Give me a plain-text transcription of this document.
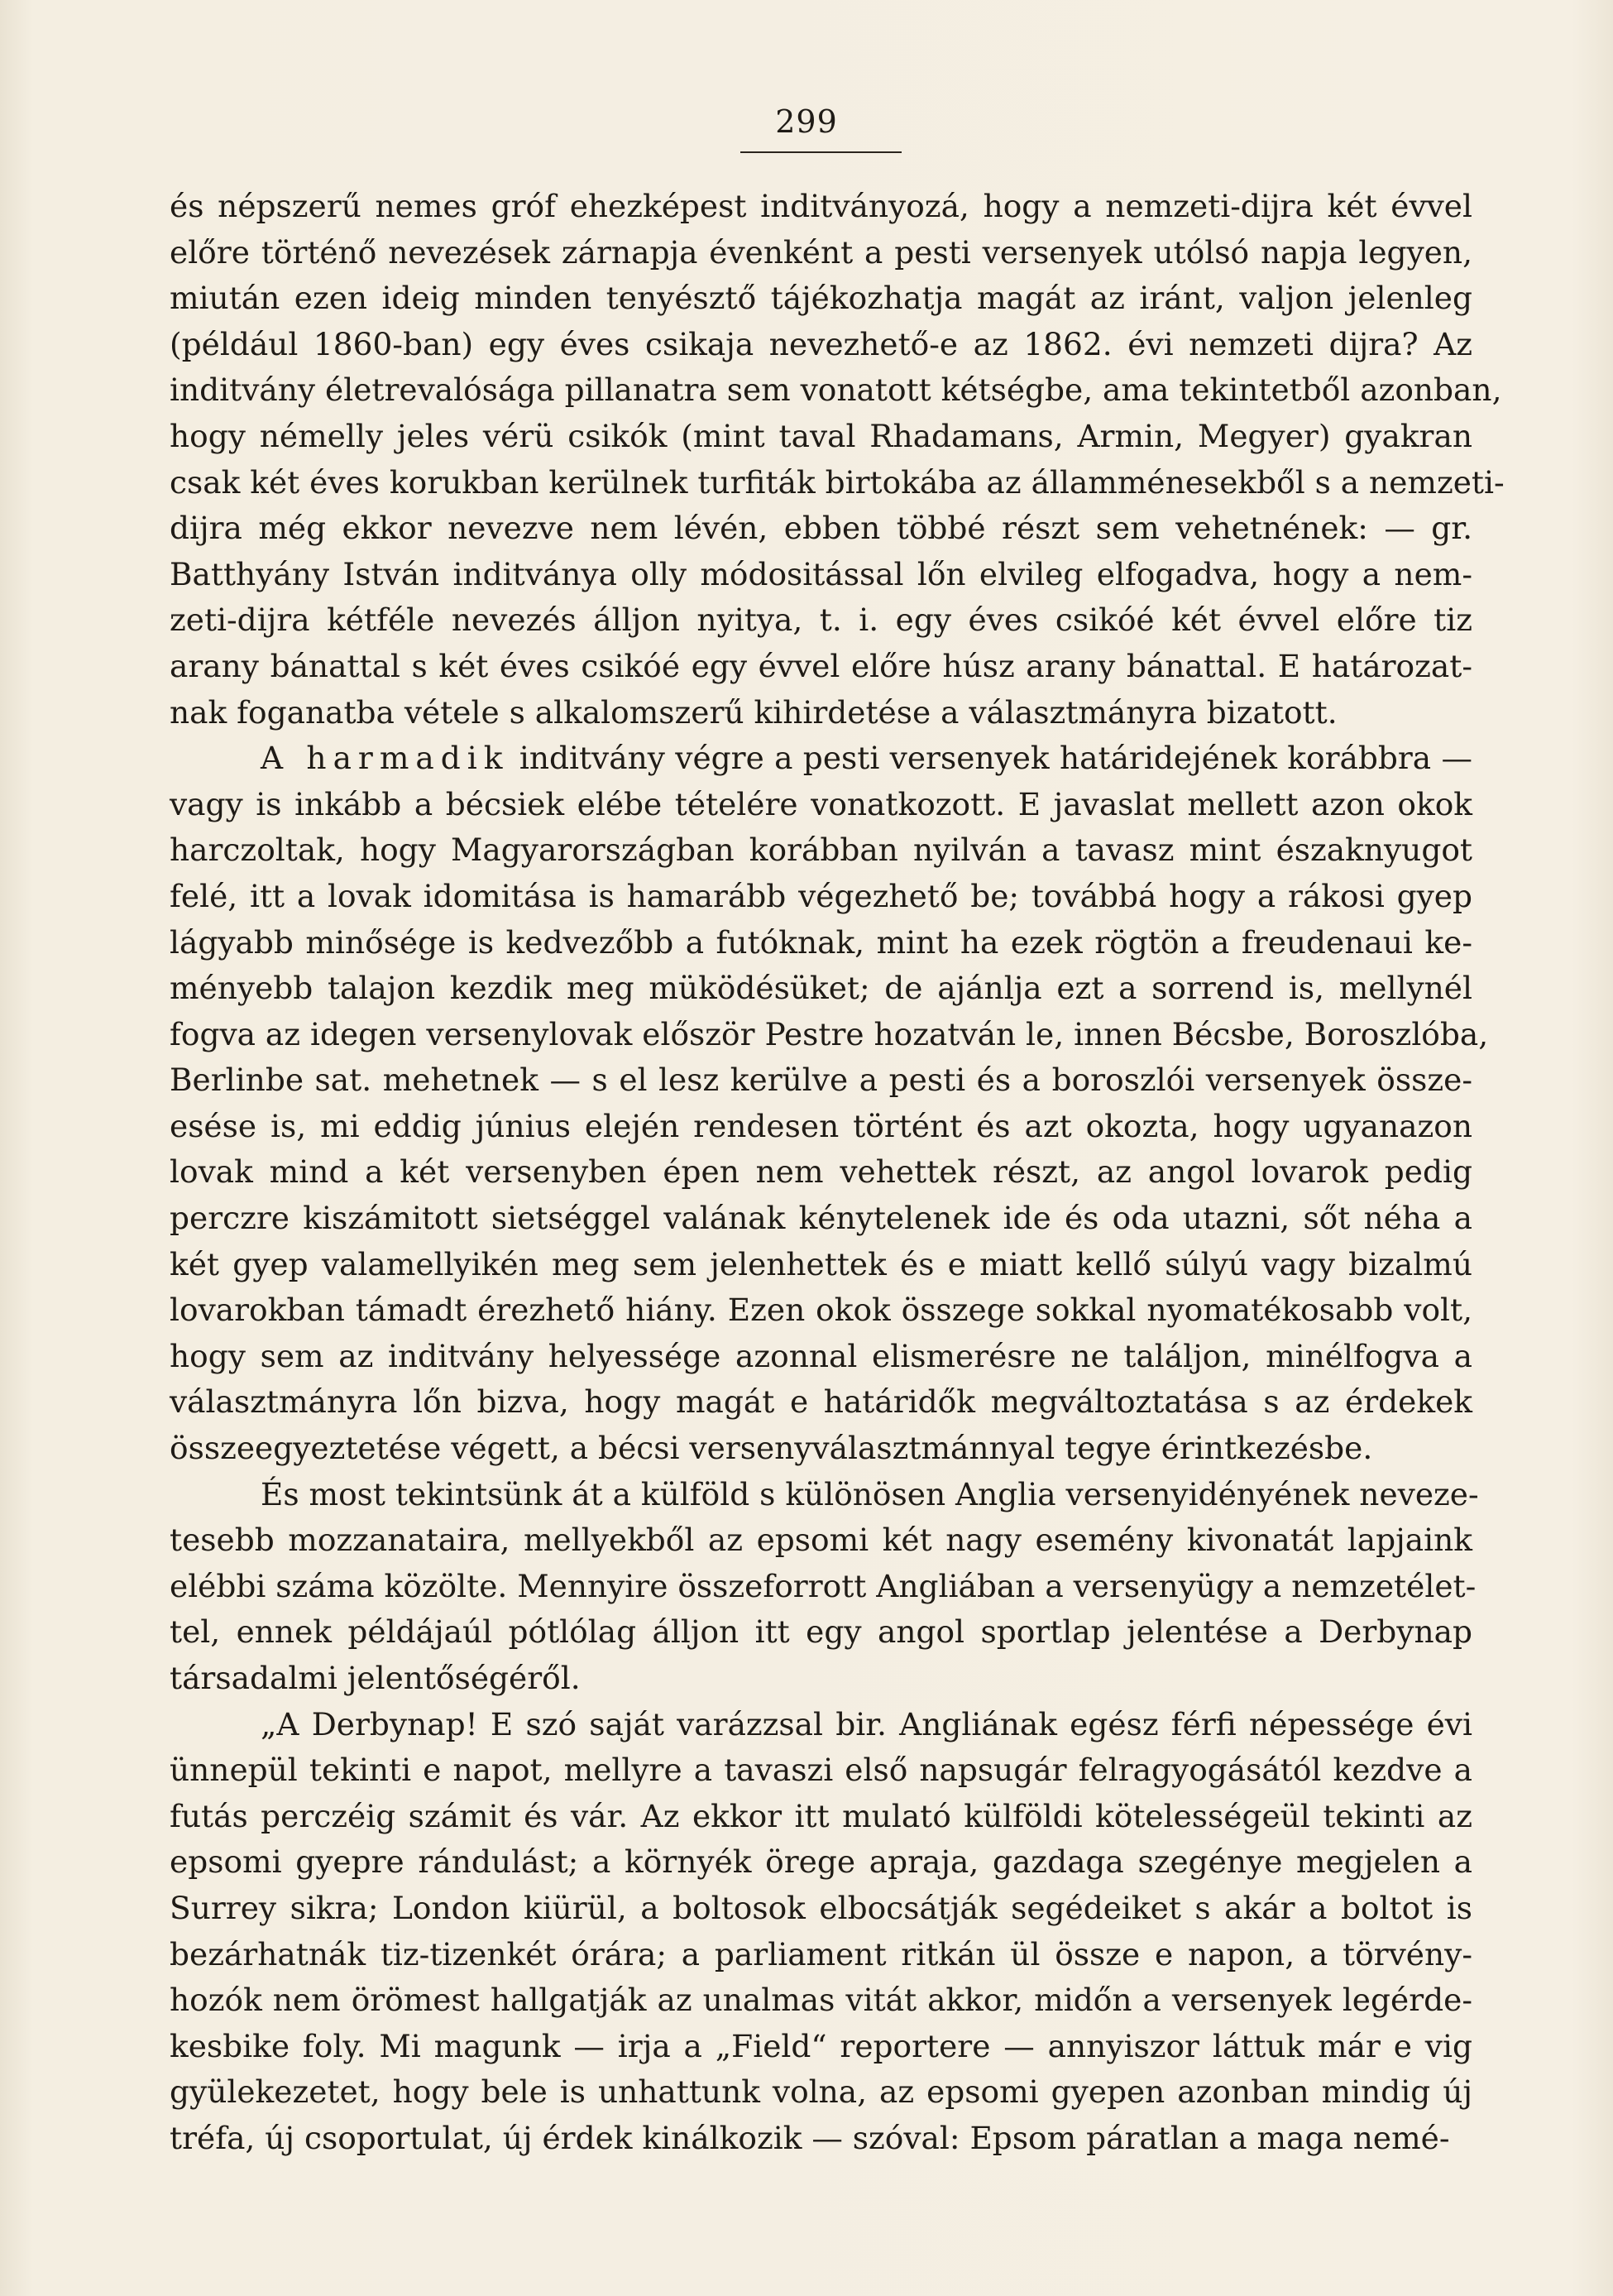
299
és népszerű nemes gróf ehezképest inditványozá, hogy a nemzeti-dijra két évvel
előre történő nevezések zárnapja évenként a pesti versenyek utólsó napja legyen,
miután ezen ideig minden tenyésztő tájékozhatja magát az iránt, valjon jelenleg
(például 1860-ban) egy éves csikaja nevezhető-e az 1862. évi nemzeti dijra? Az
inditvány életrevalósága pillanatra sem vonatott kétségbe, ama tekintetből azonban,
hogy némelly jeles vérü csikók (mint taval Rhadamans, Armin, Megyer) gyakran
csak két éves korukban kerülnek turfiták birtokába az államménesekből s a nemzeti-
dijra még ekkor nevezve nem lévén, ebben többé részt sem vehetnének: — gr.
Batthyány István inditványa olly módositással lőn elvileg elfogadva, hogy a nem-
zeti-dijra kétféle nevezés álljon nyitya, t. i. egy éves csikóé két évvel előre tiz
arany bánattal s két éves csikóé egy évvel előre húsz arany bánattal. E határozat-
nak foganatba vétele s alkalomszerű kihirdetése a választmányra bizatott.
A harmadik inditvány végre a pesti versenyek határidejének korábbra —
vagy is inkább a bécsiek elébe tételére vonatkozott. E javaslat mellett azon okok
harczoltak, hogy Magyarországban korábban nyilván a tavasz mint északnyugot
felé, itt a lovak idomitása is hamarább végezhető be; továbbá hogy a rákosi gyep
lágyabb minősége is kedvezőbb a futóknak, mint ha ezek rögtön a freudenaui ke-
ményebb talajon kezdik meg müködésüket; de ajánlja ezt a sorrend is, mellynél
fogva az idegen versenylovak először Pestre hozatván le, innen Bécsbe, Boroszlóba,
Berlinbe sat. mehetnek — s el lesz kerülve a pesti és a boroszlói versenyek össze-
esése is, mi eddig június elején rendesen történt és azt okozta, hogy ugyanazon
lovak mind a két versenyben épen nem vehettek részt, az angol lovarok pedig
perczre kiszámitott sietséggel valának kénytelenek ide és oda utazni, sőt néha a
két gyep valamellyikén meg sem jelenhettek és e miatt kellő súlyú vagy bizalmú
lovarokban támadt érezhető hiány. Ezen okok összege sokkal nyomatékosabb volt,
hogy sem az inditvány helyessége azonnal elismerésre ne találjon, minélfogva a
választmányra lőn bizva, hogy magát e határidők megváltoztatása s az érdekek
összeegyeztetése végett, a bécsi versenyválasztmánnyal tegye érintkezésbe.
És most tekintsünk át a külföld s különösen Anglia versenyidényének neveze-
tesebb mozzanataira, mellyekből az epsomi két nagy esemény kivonatát lapjaink
elébbi száma közölte. Mennyire összeforrott Angliában a versenyügy a nemzetélet-
tel, ennek példájaúl pótlólag álljon itt egy angol sportlap jelentése a Derbynap
társadalmi jelentőségéről.
„A Derbynap! E szó saját varázzsal bir. Angliának egész férfi népessége évi
ünnepül tekinti e napot, mellyre a tavaszi első napsugár felragyogásától kezdve a
futás perczéig számit és vár. Az ekkor itt mulató külföldi kötelességeül tekinti az
epsomi gyepre rándulást; a környék örege apraja, gazdaga szegénye megjelen a
Surrey sikra; London kiürül, a boltosok elbocsátják segédeiket s akár a boltot is
bezárhatnák tiz-tizenkét órára; a parliament ritkán ül össze e napon, a törvény-
hozók nem örömest hallgatják az unalmas vitát akkor, midőn a versenyek legérde-
kesbike foly. Mi magunk — irja a „Field“ reportere — annyiszor láttuk már e vig
gyülekezetet, hogy bele is unhattunk volna, az epsomi gyepen azonban mindig új
tréfa, új csoportulat, új érdek kinálkozik — szóval: Epsom páratlan a maga nemé-
